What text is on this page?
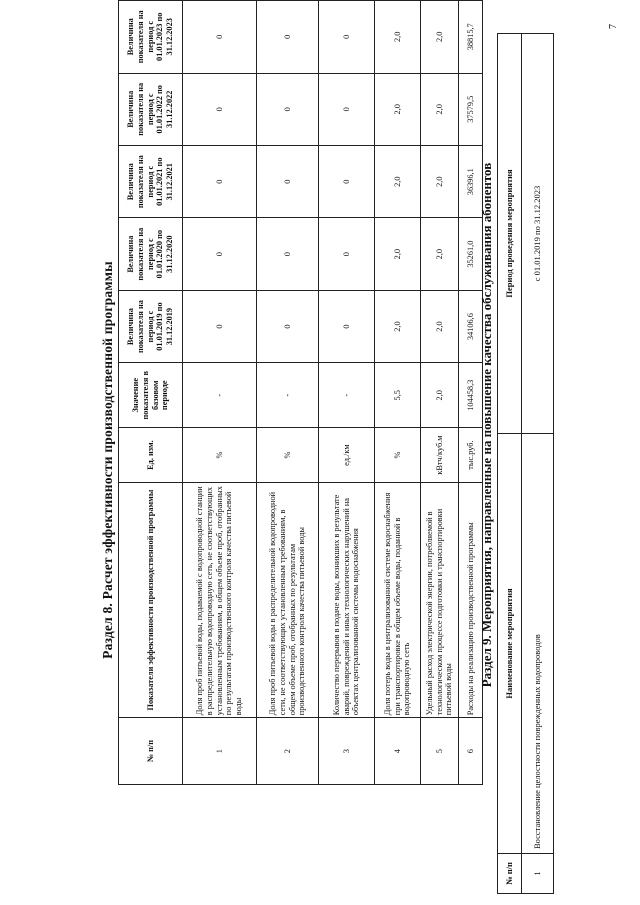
7
Раздел 8. Расчет эффективности производственной программы
№ п/п	Показатели эффективности производственной программы	Ед. изм.	Значение показателя в базовом периоде	Величина показателя на период с 01.01.2019 по 31.12.2019	Величина показателя на период с 01.01.2020 по 31.12.2020	Величина показателя на период с 01.01.2021 по 31.12.2021	Величина показателя на период с 01.01.2022 по 31.12.2022	Величина показателя на период с 01.01.2023 по 31.12.2023
1	Доля проб питьевой воды, подаваемой с водопроводной станции в распределительную водопроводную сеть, не соответствующих установленным требованиям, в общем объеме проб, отобранных по результатам производственного контроля качества питьевой воды	%	-	0	0	0	0	0
2	Доля проб питьевой воды в распределительной водопроводной сети, не соответствующих установленным требованиям, в общем объеме проб, отобранных по результатам производственного контроля качества питьевой воды	%	-	0	0	0	0	0
3	Количество перерывов в подаче воды, возникших в результате аварий, повреждений и иных технологических нарушений на объектах централизованной системы водоснабжения	ед./км	-	0	0	0	0	0
4	Доля потерь воды в централизованной системе водоснабжения при транспортировке в общем объеме воды, поданной в водопроводную сеть	%	5,5	2,0	2,0	2,0	2,0	2,0
5	Удельный расход электрической энергии, потребляемой в технологическом процессе подготовки и транспортировки питьевой воды	кВтч/куб.м	2,0	2,0	2,0	2,0	2,0	2,0
6	Расходы на реализацию производственной программы	тыс.руб.	104458,3	34106,6	35261,0	36396,1	37579,5	38815,7
Раздел 9. Мероприятия, направленные на повышение качества обслуживания абонентов
№ п/п	Наименование мероприятия	Период проведения мероприятия
1	Восстановление целостности поврежденных водопроводов	с 01.01.2019 по 31.12.2023
